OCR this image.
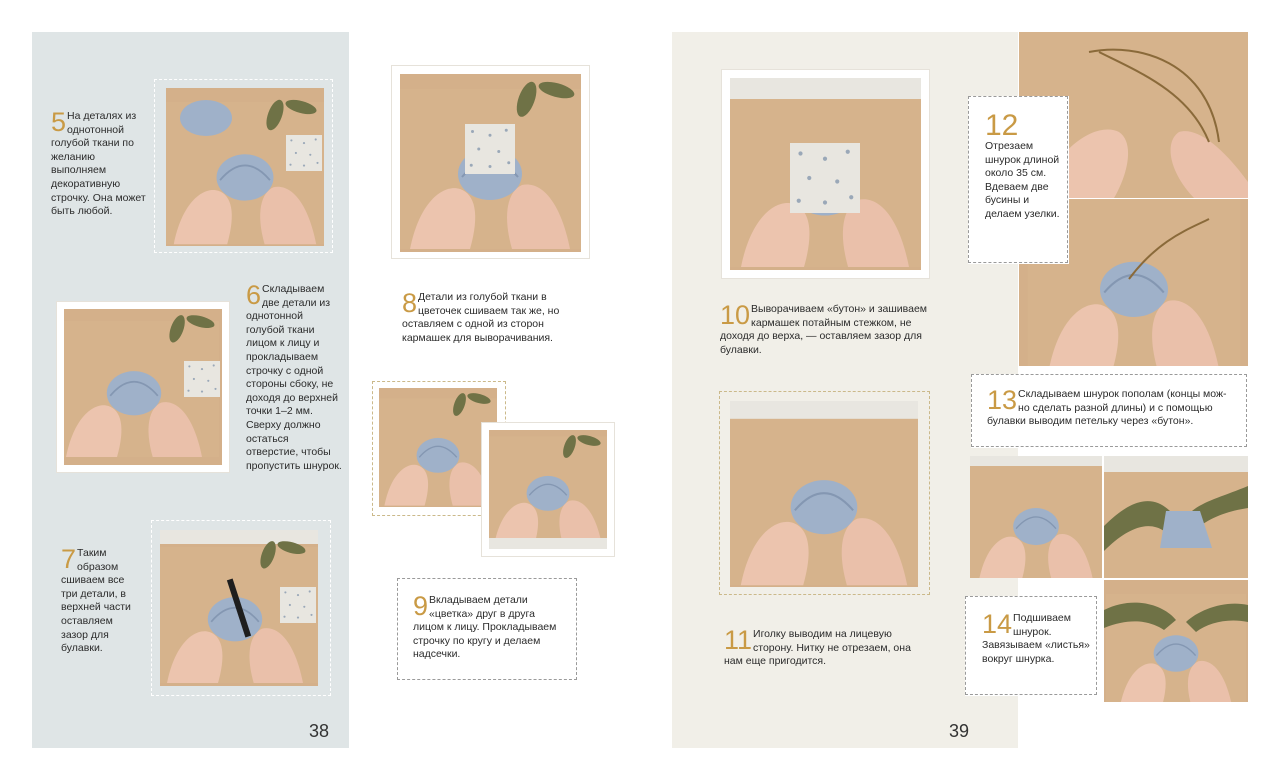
5 На деталях из однотонной голубой ткани по желанию выполняем декоративную строчку. Она может быть любой.
6 Складываем две детали из однотонной голубой ткани лицом к лицу и прокладываем строчку с одной стороны сбоку, не доходя до верхней точки 1–2 мм. Сверху должно остаться отверстие, чтобы пропустить шнурок.
7 Таким образом сшиваем все три детали, в верхней части оставляем зазор для булавки.
38
8 Детали из голубой ткани в цветочек сшиваем так же, но оставляем с одной из сторон кармашек для выворачивания.
9 Вкладываем детали «цветка» друг в друга лицом к лицу. Прокладываем строчку по кругу и делаем надсечки.
10 Выворачиваем «бутон» и зашиваем кармашек потайным стежком, не доходя до верха, — оставляем зазор для булавки.
11 Иголку выводим на лицевую сторону. Нитку не отрезаем, она нам еще пригодится.
39
12
Отрезаем шнурок длиной около 35 см. Вдеваем две бусины и делаем узелки.
13 Складываем шнурок пополам (концы мож- но сделать разной длины) и с помощью булавки выводим петельку через «бутон».
14 Подшиваем шнурок. Завязываем «листья» вокруг шнурка.
